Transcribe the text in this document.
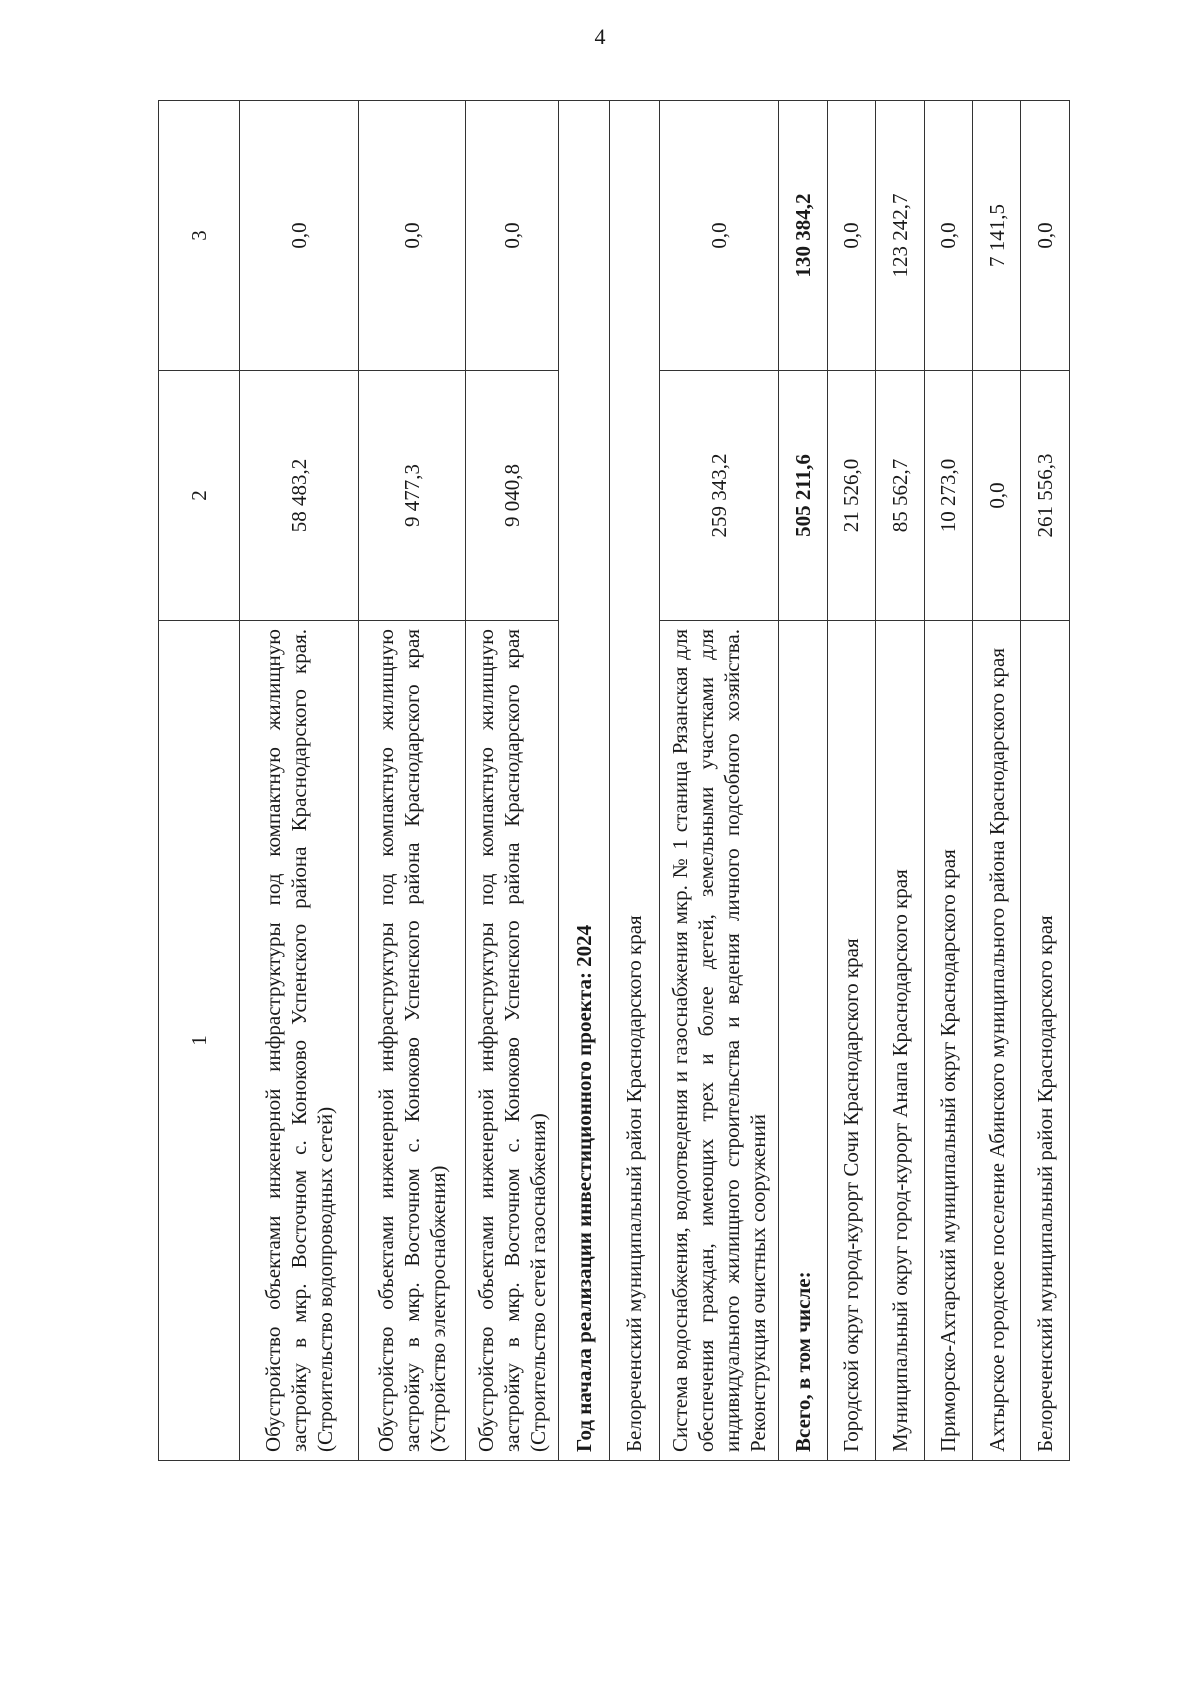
4
1	2	3
Обустройство объектами инженерной инфраструктуры под компактную жилищную застройку в мкр. Восточном с. Коноково Успенского района Краснодарского края. (Строительство водопроводных сетей)	58 483,2	0,0
Обустройство объектами инженерной инфраструктуры под компактную жилищную застройку в мкр. Восточном с. Коноково Успенского района Краснодарского края (Устройство электроснабжения)	9 477,3	0,0
Обустройство объектами инженерной инфраструктуры под компактную жилищную застройку в мкр. Восточном с. Коноково Успенского района Краснодарского края (Строительство сетей газоснабжения)	9 040,8	0,0
Год начала реализации инвестиционного проекта: 2024		
Белореченский муниципальный район Краснодарского края		
Система водоснабжения, водоотведения и газоснабжения мкр. № 1 станица Рязанская для обеспечения граждан, имеющих трех и более детей, земельными участками для индивидуального жилищного строительства и ведения личного подсобного хозяйства. Реконструкция очистных сооружений	259 343,2	0,0
Всего, в том числе:	505 211,6	130 384,2
Городской округ город-курорт Сочи Краснодарского края	21 526,0	0,0
Муниципальный округ город-курорт Анапа Краснодарского края	85 562,7	123 242,7
Приморско-Ахтарский муниципальный округ Краснодарского края	10 273,0	0,0
Ахтырское городское поселение Абинского муниципального района Краснодарского края	0,0	7 141,5
Белореченский муниципальный район Краснодарского края	261 556,3	0,0
